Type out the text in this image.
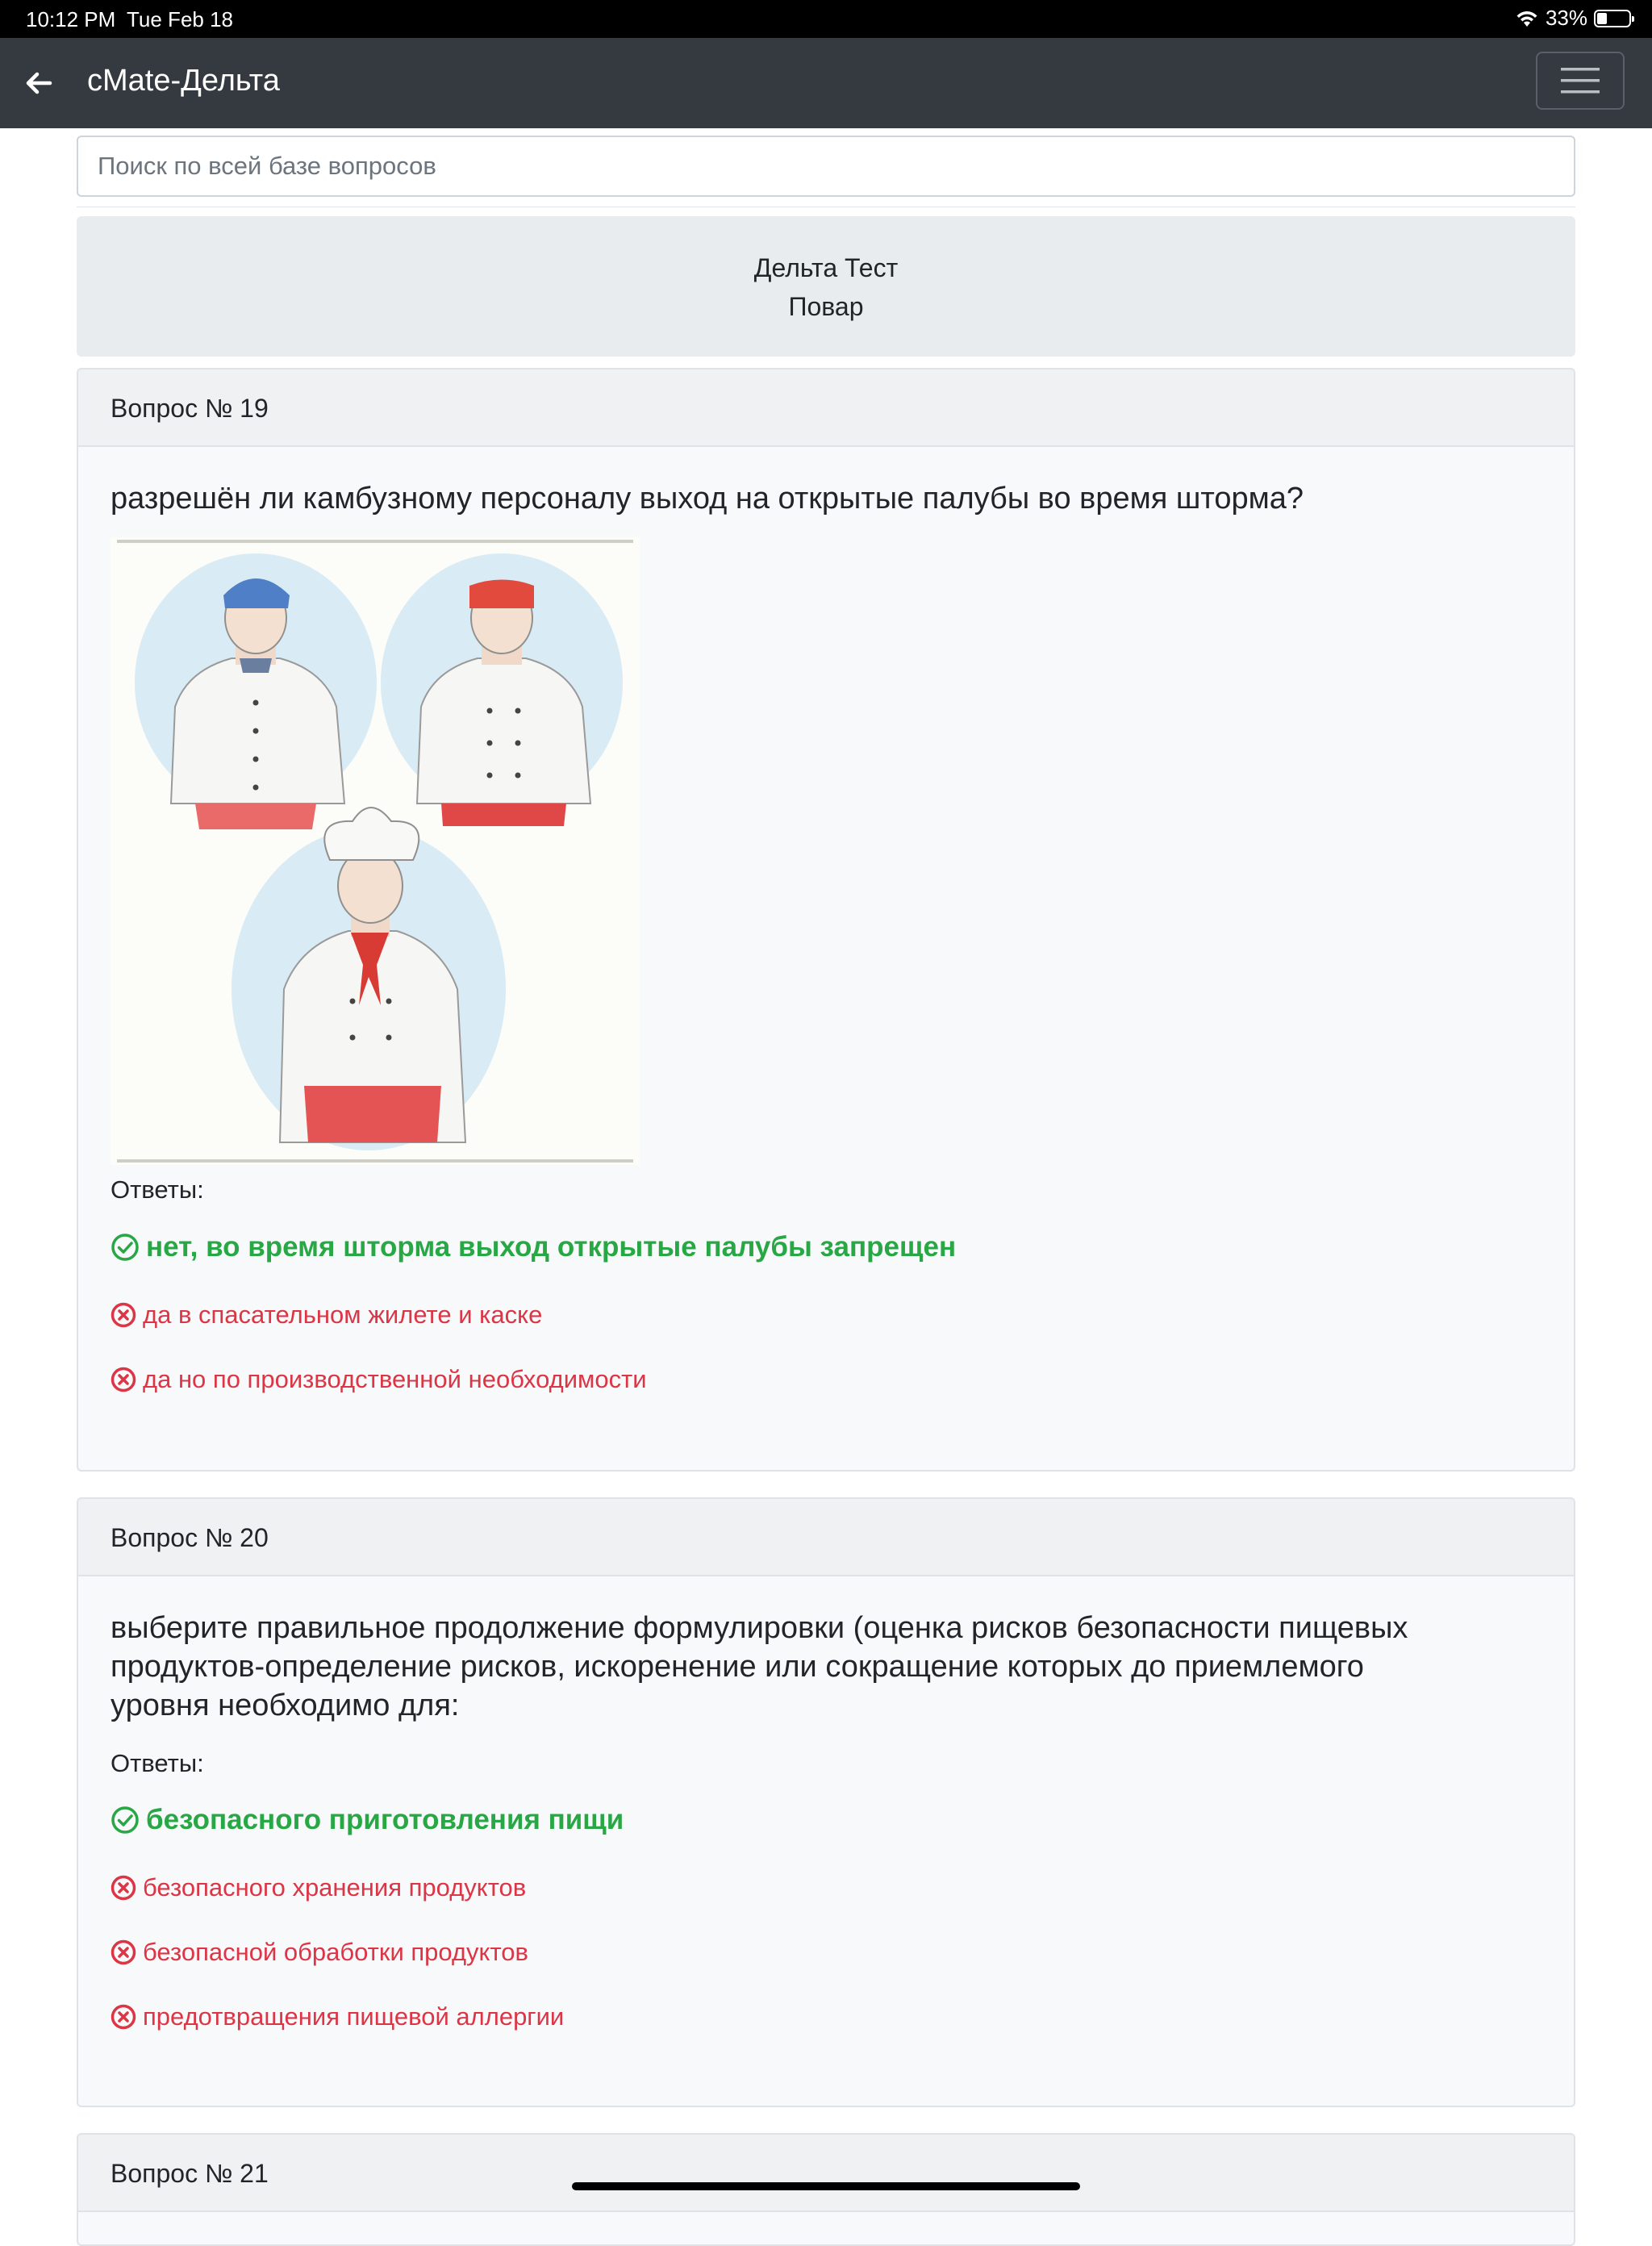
10:12 PM Tue Feb 18	33%
cMate-Дельта
Поиск по всей базе вопросов
Дельта Тест
Повар
Вопрос № 19
разрешён ли камбузному персоналу выход на открытые палубы во время шторма?
Ответы:
нет, во время шторма выход открытые палубы запрещен
да в спасательном жилете и каске
да но по производственной необходимости
Вопрос № 20
выберите правильное продолжение формулировки (оценка рисков безопасности пищевых
продуктов-определение рисков, искоренение или сокращение которых до приемлемого
уровня необходимо для:
Ответы:
безопасного приготовления пищи
безопасного хранения продуктов
безопасной обработки продуктов
предотвращения пищевой аллергии
Вопрос № 21
